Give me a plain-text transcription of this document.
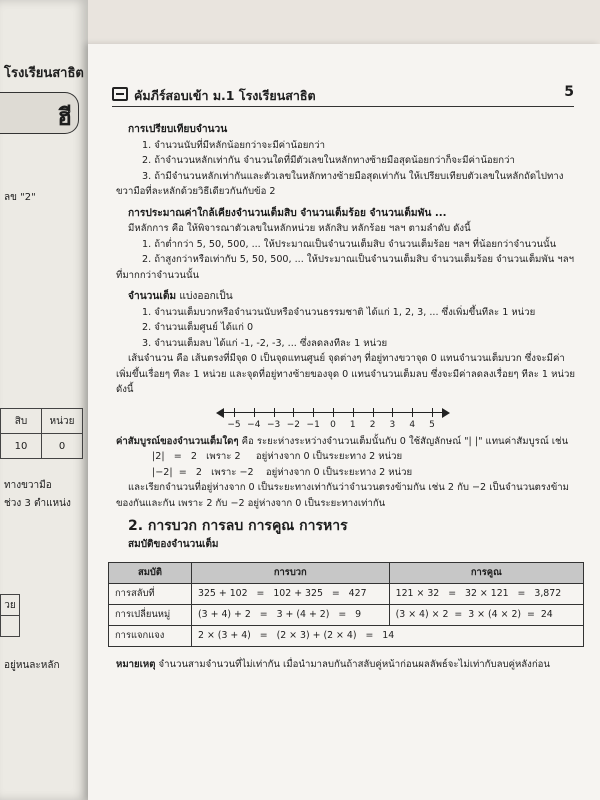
โรงเรียนสาธิต
ฮี
ลข "2"
สิบ	หน่วย
10	0
ทางขวามือ
ช่วง 3 ตำแหน่ง
วย

อยู่หนละหลัก
คัมภีร์สอบเข้า ม.1 โรงเรียนสาธิต	5
การเปรียบเทียบจำนวน

1. จำนวนนับที่มีหลักน้อยกว่าจะมีค่าน้อยกว่า

2. ถ้าจำนวนหลักเท่ากัน จำนวนใดที่มีตัวเลขในหลักทางซ้ายมือสุดน้อยกว่าก็จะมีค่าน้อยกว่า

3. ถ้ามีจำนวนหลักเท่ากันและตัวเลขในหลักทางซ้ายมือสุดเท่ากัน ให้เปรียบเทียบตัวเลขในหลักถัดไปทาง

ขวามือที่ละหลักด้วยวิธีเดียวกันกับข้อ 2

การประมาณค่าใกล้เคียงจำนวนเต็มสิบ จำนวนเต็มร้อย จำนวนเต็มพัน ...

มีหลักการ คือ ให้พิจารณาตัวเลขในหลักหน่วย หลักสิบ หลักร้อย ฯลฯ ตามลำดับ ดังนี้

1. ถ้าต่ำกว่า 5, 50, 500, ... ให้ประมาณเป็นจำนวนเต็มสิบ จำนวนเต็มร้อย ฯลฯ ที่น้อยกว่าจำนวนนั้น

2. ถ้าสูงกว่าหรือเท่ากับ 5, 50, 500, ... ให้ประมาณเป็นจำนวนเต็มสิบ จำนวนเต็มร้อย จำนวนเต็มพัน ฯลฯ

ที่มากกว่าจำนวนนั้น

จำนวนเต็ม แบ่งออกเป็น

1. จำนวนเต็มบวกหรือจำนวนนับหรือจำนวนธรรมชาติ ได้แก่ 1, 2, 3, ... ซึ่งเพิ่มขึ้นทีละ 1 หน่วย

2. จำนวนเต็มศูนย์ ได้แก่ 0

3. จำนวนเต็มลบ ได้แก่ -1, -2, -3, ... ซึ่งลดลงทีละ 1 หน่วย

เส้นจำนวน คือ เส้นตรงที่มีจุด 0 เป็นจุดแทนศูนย์ จุดต่างๆ ที่อยู่ทางขวาจุด 0 แทนจำนวนเต็มบวก ซึ่งจะมีค่าเพิ่มขึ้นเรื่อยๆ ทีละ 1 หน่วย และจุดที่อยู่ทางซ้ายของจุด 0 แทนจำนวนเต็มลบ ซึ่งจะมีค่าลดลงเรื่อยๆ ทีละ 1 หน่วย ดังนี้

−5 −4 −3 −2 −1 0 1 2 3 4 5

ค่าสัมบูรณ์ของจำนวนเต็มใดๆ คือ ระยะห่างระหว่างจำนวนเต็มนั้นกับ 0 ใช้สัญลักษณ์ "| |" แทนค่าสัมบูรณ์ เช่น

|2|   =   2   เพราะ 2     อยู่ห่างจาก 0 เป็นระยะทาง 2 หน่วย

|−2|  =   2   เพราะ −2    อยู่ห่างจาก 0 เป็นระยะทาง 2 หน่วย

และเรียกจำนวนที่อยู่ห่างจาก 0 เป็นระยะทางเท่ากันว่าจำนวนตรงข้ามกัน เช่น 2 กับ −2 เป็นจำนวนตรงข้ามของกันและกัน เพราะ 2 กับ −2 อยู่ห่างจาก 0 เป็นระยะทางเท่ากัน

2. การบวก การลบ การคูณ การหาร
สมบัติของจำนวนเต็ม
สมบัติ	การบวก	การคูณ
การสลับที่	325 + 102   =   102 + 325   =   427	121 × 32   =   32 × 121   =   3,872
การเปลี่ยนหมู่	(3 + 4) + 2   =   3 + (4 + 2)   =   9	(3 × 4) × 2  =  3 × (4 × 2)  =  24
การแจกแจง	2 × (3 + 4)   =   (2 × 3) + (2 × 4)   =   14	

หมายเหตุ จำนวนสามจำนวนที่ไม่เท่ากัน เมื่อนำมาลบกันถ้าสลับคู่หน้าก่อนผลลัพธ์จะไม่เท่ากับลบคู่หลังก่อน
